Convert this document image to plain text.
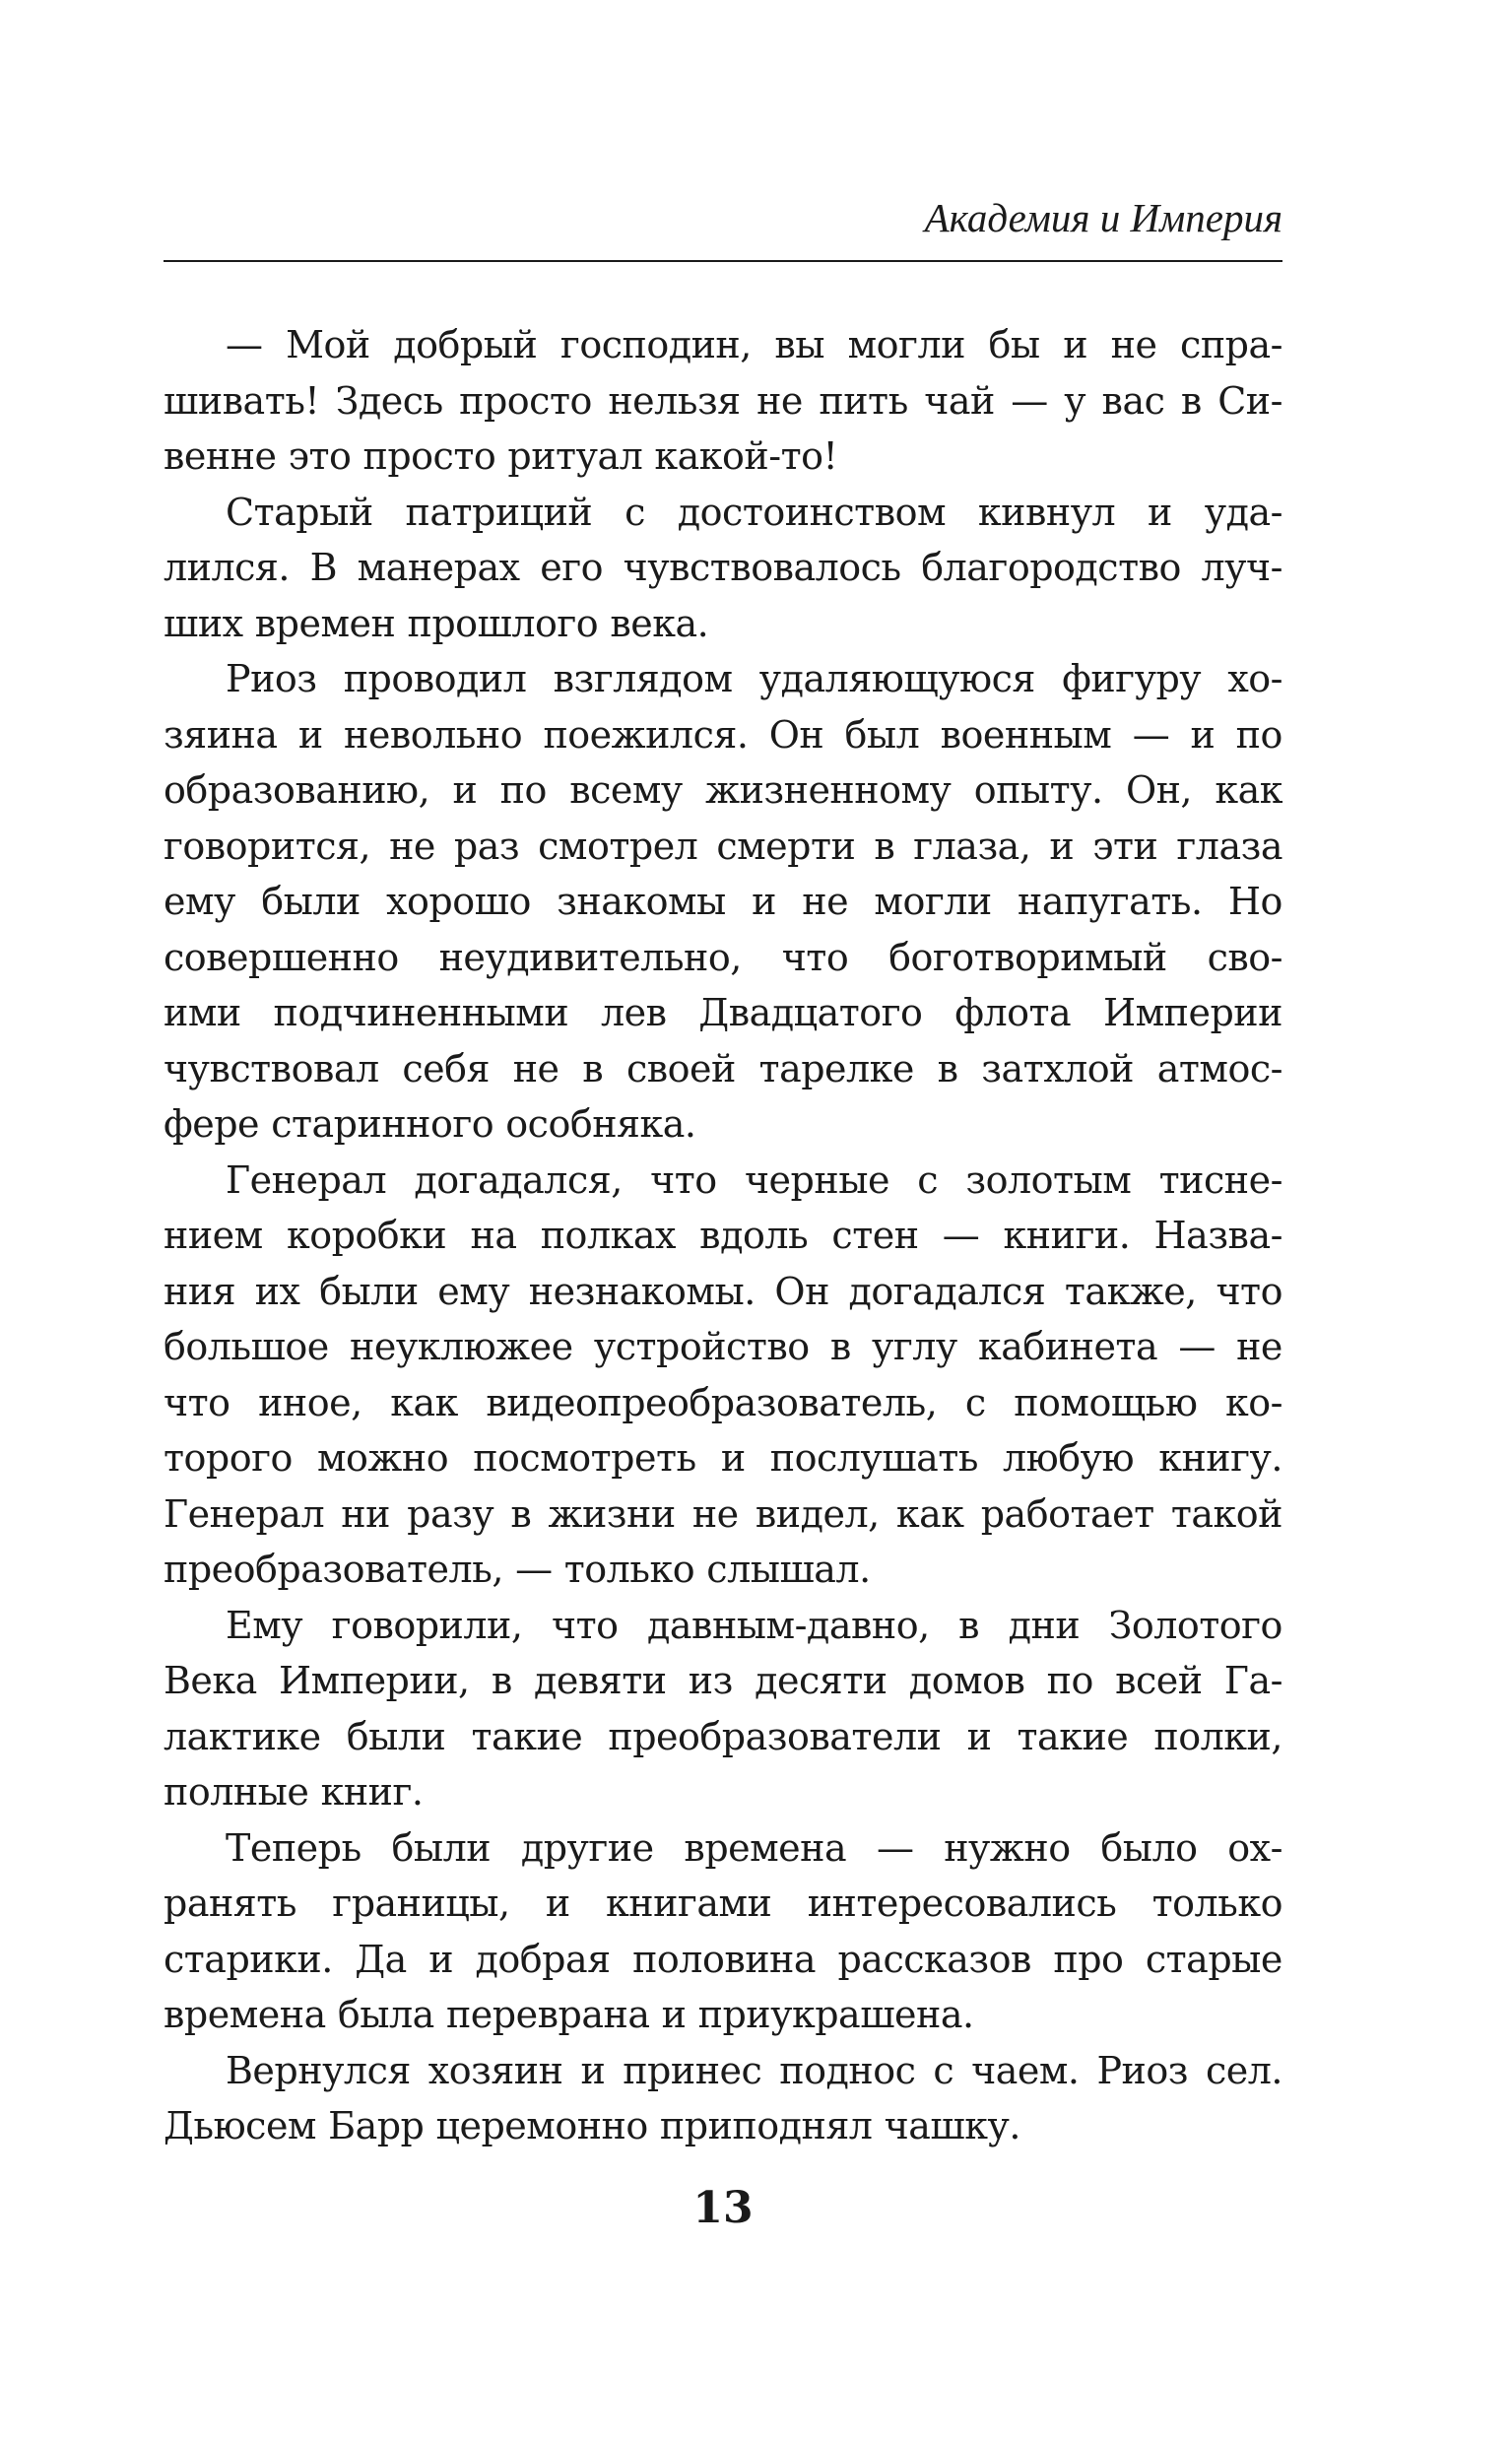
Академия и Империя
— Мой добрый господин, вы могли бы и не спра-
шивать! Здесь просто нельзя не пить чай — у вас в Си-
венне это просто ритуал какой-то!
Старый патриций с достоинством кивнул и уда-
лился. В манерах его чувствовалось благородство луч-
ших времен прошлого века.
Риоз проводил взглядом удаляющуюся фигуру хо-
зяина и невольно поежился. Он был военным — и по
образованию, и по всему жизненному опыту. Он, как
говорится, не раз смотрел смерти в глаза, и эти глаза
ему были хорошо знакомы и не могли напугать. Но
совершенно неудивительно, что боготворимый сво-
ими подчиненными лев Двадцатого флота Империи
чувствовал себя не в своей тарелке в затхлой атмос-
фере старинного особняка.
Генерал догадался, что черные с золотым тисне-
нием коробки на полках вдоль стен — книги. Назва-
ния их были ему незнакомы. Он догадался также, что
большое неуклюжее устройство в углу кабинета — не
что иное, как видеопреобразователь, с помощью ко-
торого можно посмотреть и послушать любую книгу.
Генерал ни разу в жизни не видел, как работает такой
преобразователь, — только слышал.
Ему говорили, что давным-давно, в дни Золотого
Века Империи, в девяти из десяти домов по всей Га-
лактике были такие преобразователи и такие полки,
полные книг.
Теперь были другие времена — нужно было ох-
ранять границы, и книгами интересовались только
старики. Да и добрая половина рассказов про старые
времена была переврана и приукрашена.
Вернулся хозяин и принес поднос с чаем. Риоз сел.
Дьюсем Барр церемонно приподнял чашку.
13
